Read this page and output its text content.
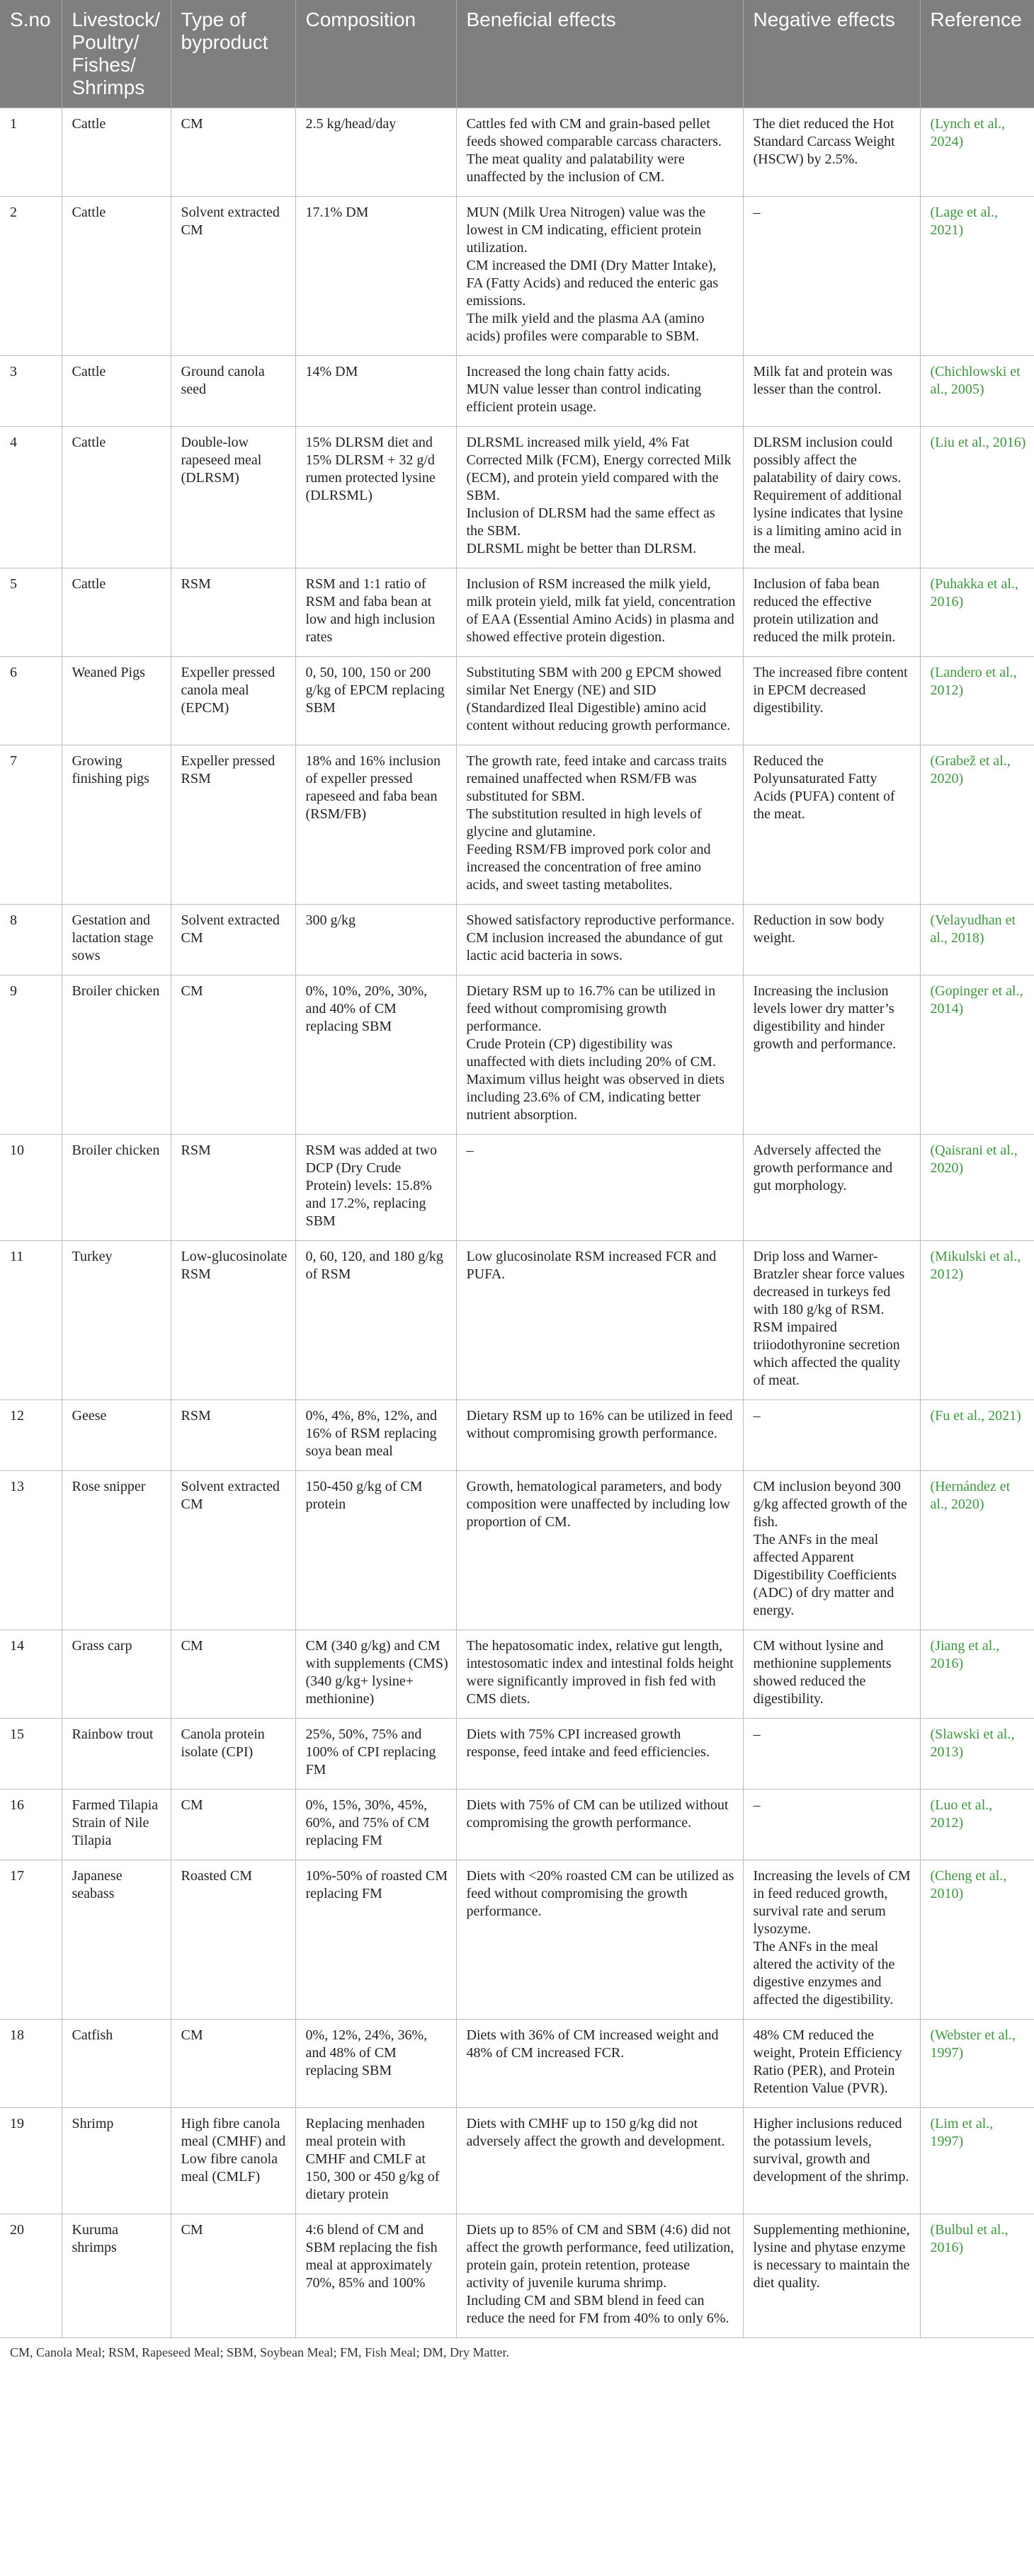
S.no	Livestock/ Poultry/ Fishes/ Shrimps	Type of byproduct	Composition	Beneficial effects	Negative effects	Reference
1	Cattle	CM	2.5 kg/head/day	Cattles fed with CM and grain-based pellet feeds showed comparable carcass characters.
The meat quality and palatability were unaffected by the inclusion of CM.	The diet reduced the Hot Standard Carcass Weight (HSCW) by 2.5%.	(Lynch et al., 2024)
2	Cattle	Solvent extracted CM	17.1% DM	MUN (Milk Urea Nitrogen) value was the lowest in CM indicating, efficient protein utilization.
CM increased the DMI (Dry Matter Intake), FA (Fatty Acids) and reduced the enteric gas emissions.
The milk yield and the plasma AA (amino acids) profiles were comparable to SBM.	–	(Lage et al., 2021)
3	Cattle	Ground canola seed	14% DM	Increased the long chain fatty acids.
MUN value lesser than control indicating efficient protein usage.	Milk fat and protein was lesser than the control.	(Chichlowski et al., 2005)
4	Cattle	Double-low rapeseed meal (DLRSM)	15% DLRSM diet and 15% DLRSM + 32 g/d rumen protected lysine (DLRSML)	DLRSML increased milk yield, 4% Fat Corrected Milk (FCM), Energy corrected Milk (ECM), and protein yield compared with the SBM.
Inclusion of DLRSM had the same effect as the SBM.
DLRSML might be better than DLRSM.	DLRSM inclusion could possibly affect the palatability of dairy cows.
Requirement of additional lysine indicates that lysine is a limiting amino acid in the meal.	(Liu et al., 2016)
5	Cattle	RSM	RSM and 1:1 ratio of RSM and faba bean at low and high inclusion rates	Inclusion of RSM increased the milk yield, milk protein yield, milk fat yield, concentration of EAA (Essential Amino Acids) in plasma and showed effective protein digestion.	Inclusion of faba bean reduced the effective protein utilization and reduced the milk protein.	(Puhakka et al., 2016)
6	Weaned Pigs	Expeller pressed canola meal (EPCM)	0, 50, 100, 150 or 200 g/kg of EPCM replacing SBM	Substituting SBM with 200 g EPCM showed similar Net Energy (NE) and SID (Standardized Ileal Digestible) amino acid content without reducing growth performance.	The increased fibre content in EPCM decreased digestibility.	(Landero et al., 2012)
7	Growing finishing pigs	Expeller pressed RSM	18% and 16% inclusion of expeller pressed rapeseed and faba bean (RSM/FB)	The growth rate, feed intake and carcass traits remained unaffected when RSM/FB was substituted for SBM.
The substitution resulted in high levels of glycine and glutamine.
Feeding RSM/FB improved pork color and increased the concentration of free amino acids, and sweet tasting metabolites.	Reduced the Polyunsaturated Fatty Acids (PUFA) content of the meat.	(Grabež et al., 2020)
8	Gestation and lactation stage sows	Solvent extracted CM	300 g/kg	Showed satisfactory reproductive performance.
CM inclusion increased the abundance of gut lactic acid bacteria in sows.	Reduction in sow body weight.	(Velayudhan et al., 2018)
9	Broiler chicken	CM	0%, 10%, 20%, 30%, and 40% of CM replacing SBM	Dietary RSM up to 16.7% can be utilized in feed without compromising growth performance.
Crude Protein (CP) digestibility was unaffected with diets including 20% of CM.
Maximum villus height was observed in diets including 23.6% of CM, indicating better nutrient absorption.	Increasing the inclusion levels lower dry matter’s digestibility and hinder growth and performance.	(Gopinger et al., 2014)
10	Broiler chicken	RSM	RSM was added at two DCP (Dry Crude Protein) levels: 15.8% and 17.2%, replacing SBM	–	Adversely affected the growth performance and gut morphology.	(Qaisrani et al., 2020)
11	Turkey	Low-glucosinolate RSM	0, 60, 120, and 180 g/kg of RSM	Low glucosinolate RSM increased FCR and PUFA.	Drip loss and Warner-Bratzler shear force values decreased in turkeys fed with 180 g/kg of RSM.
RSM impaired triiodothyronine secretion which affected the quality of meat.	(Mikulski et al., 2012)
12	Geese	RSM	0%, 4%, 8%, 12%, and 16% of RSM replacing soya bean meal	Dietary RSM up to 16% can be utilized in feed without compromising growth performance.	–	(Fu et al., 2021)
13	Rose snipper	Solvent extracted CM	150-450 g/kg of CM protein	Growth, hematological parameters, and body composition were unaffected by including low proportion of CM.	CM inclusion beyond 300 g/kg affected growth of the fish.
The ANFs in the meal affected Apparent Digestibility Coefficients (ADC) of dry matter and energy.	(Hernández et al., 2020)
14	Grass carp	CM	CM (340 g/kg) and CM with supplements (CMS) (340 g/kg+ lysine+ methionine)	The hepatosomatic index, relative gut length, intestosomatic index and intestinal folds height were significantly improved in fish fed with CMS diets.	CM without lysine and methionine supplements showed reduced the digestibility.	(Jiang et al., 2016)
15	Rainbow trout	Canola protein isolate (CPI)	25%, 50%, 75% and 100% of CPI replacing FM	Diets with 75% CPI increased growth response, feed intake and feed efficiencies.	–	(Slawski et al., 2013)
16	Farmed Tilapia Strain of Nile Tilapia	CM	0%, 15%, 30%, 45%, 60%, and 75% of CM replacing FM	Diets with 75% of CM can be utilized without compromising the growth performance.	–	(Luo et al., 2012)
17	Japanese seabass	Roasted CM	10%-50% of roasted CM replacing FM	Diets with <20% roasted CM can be utilized as feed without compromising the growth performance.	Increasing the levels of CM in feed reduced growth, survival rate and serum lysozyme.
The ANFs in the meal altered the activity of the digestive enzymes and affected the digestibility.	(Cheng et al., 2010)
18	Catfish	CM	0%, 12%, 24%, 36%, and 48% of CM replacing SBM	Diets with 36% of CM increased weight and 48% of CM increased FCR.	48% CM reduced the weight, Protein Efficiency Ratio (PER), and Protein Retention Value (PVR).	(Webster et al., 1997)
19	Shrimp	High fibre canola meal (CMHF) and Low fibre canola meal (CMLF)	Replacing menhaden meal protein with CMHF and CMLF at 150, 300 or 450 g/kg of dietary protein	Diets with CMHF up to 150 g/kg did not adversely affect the growth and development.	Higher inclusions reduced the potassium levels, survival, growth and development of the shrimp.	(Lim et al., 1997)
20	Kuruma shrimps	CM	4:6 blend of CM and SBM replacing the fish meal at approximately 70%, 85% and 100%	Diets up to 85% of CM and SBM (4:6) did not affect the growth performance, feed utilization, protein gain, protein retention, protease activity of juvenile kuruma shrimp.
Including CM and SBM blend in feed can reduce the need for FM from 40% to only 6%.	Supplementing methionine, lysine and phytase enzyme is necessary to maintain the diet quality.	(Bulbul et al., 2016)
CM, Canola Meal; RSM, Rapeseed Meal; SBM, Soybean Meal; FM, Fish Meal; DM, Dry Matter.
